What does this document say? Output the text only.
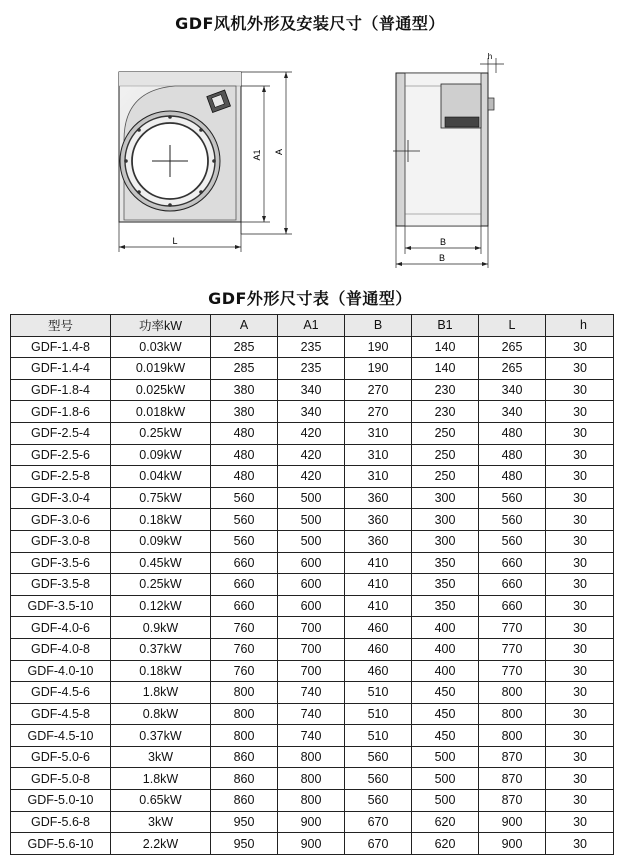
GDF风机外形及安装尺寸（普通型）
L
A1 A
h
B
B
GDF外形尺寸表（普通型）
型号	功率kW	A	A1	B	B1	L	h
GDF-1.4-8	0.03kW	285	235	190	140	265	30
GDF-1.4-4	0.019kW	285	235	190	140	265	30
GDF-1.8-4	0.025kW	380	340	270	230	340	30
GDF-1.8-6	0.018kW	380	340	270	230	340	30
GDF-2.5-4	0.25kW	480	420	310	250	480	30
GDF-2.5-6	0.09kW	480	420	310	250	480	30
GDF-2.5-8	0.04kW	480	420	310	250	480	30
GDF-3.0-4	0.75kW	560	500	360	300	560	30
GDF-3.0-6	0.18kW	560	500	360	300	560	30
GDF-3.0-8	0.09kW	560	500	360	300	560	30
GDF-3.5-6	0.45kW	660	600	410	350	660	30
GDF-3.5-8	0.25kW	660	600	410	350	660	30
GDF-3.5-10	0.12kW	660	600	410	350	660	30
GDF-4.0-6	0.9kW	760	700	460	400	770	30
GDF-4.0-8	0.37kW	760	700	460	400	770	30
GDF-4.0-10	0.18kW	760	700	460	400	770	30
GDF-4.5-6	1.8kW	800	740	510	450	800	30
GDF-4.5-8	0.8kW	800	740	510	450	800	30
GDF-4.5-10	0.37kW	800	740	510	450	800	30
GDF-5.0-6	3kW	860	800	560	500	870	30
GDF-5.0-8	1.8kW	860	800	560	500	870	30
GDF-5.0-10	0.65kW	860	800	560	500	870	30
GDF-5.6-8	3kW	950	900	670	620	900	30
GDF-5.6-10	2.2kW	950	900	670	620	900	30
